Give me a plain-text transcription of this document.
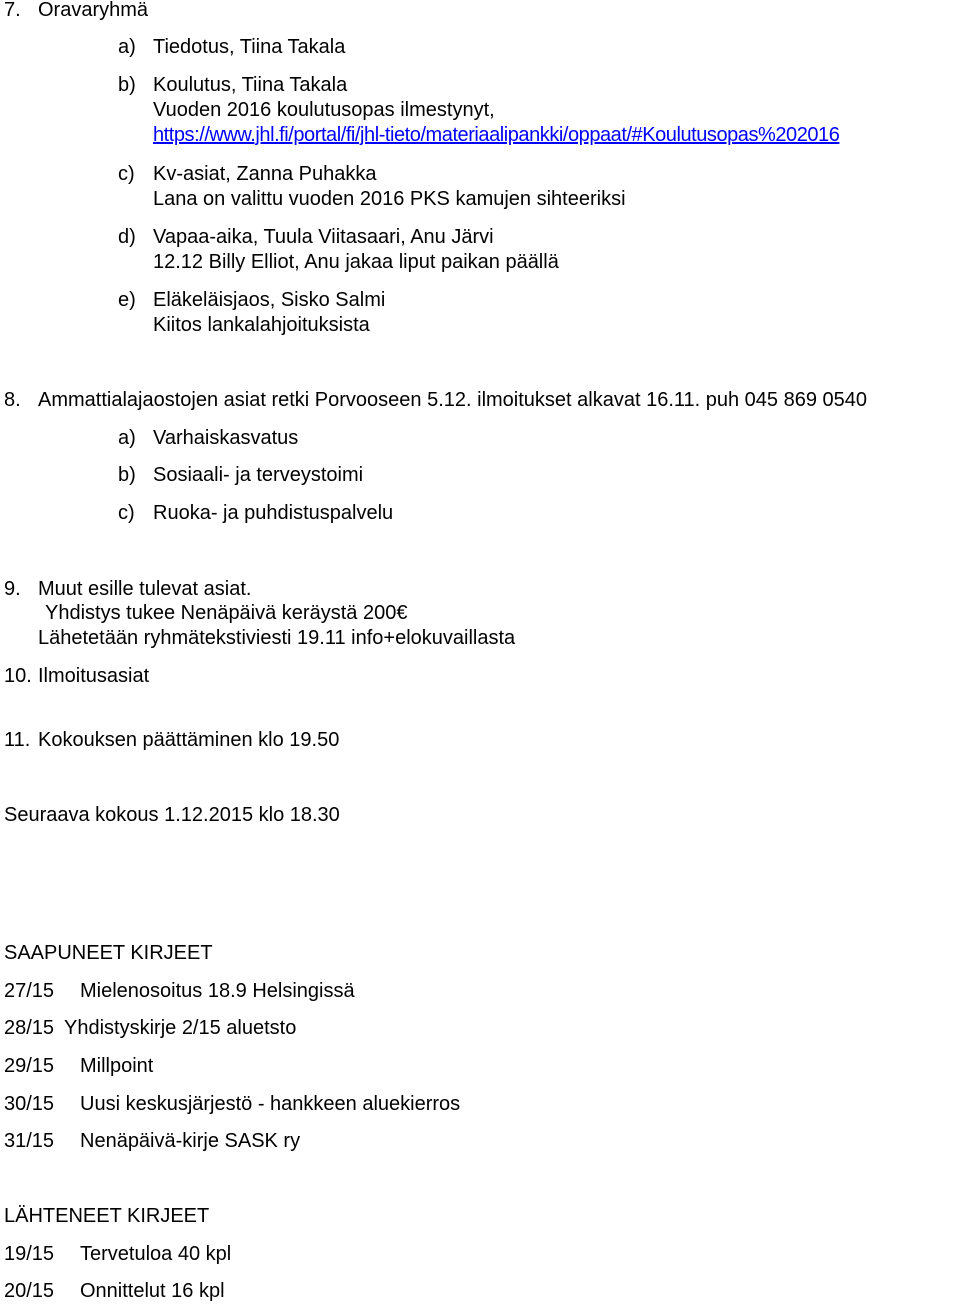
7. Oravaryhmä
a) Tiedotus, Tiina Takala
b) Koulutus, Tiina Takala
Vuoden 2016 koulutusopas ilmestynyt,
https://www.jhl.fi/portal/fi/jhl-tieto/materiaalipankki/oppaat/#Koulutusopas%202016
c) Kv-asiat, Zanna Puhakka
Lana on valittu vuoden 2016 PKS kamujen sihteeriksi
d) Vapaa-aika, Tuula Viitasaari, Anu Järvi
12.12 Billy Elliot, Anu jakaa liput paikan päällä
e) Eläkeläisjaos, Sisko Salmi
Kiitos lankalahjoituksista
8. Ammattialajaostojen asiat retki Porvooseen 5.12. ilmoitukset alkavat 16.11. puh 045 869 0540
a) Varhaiskasvatus
b) Sosiaali- ja terveystoimi
c) Ruoka- ja puhdistuspalvelu
9. Muut esille tulevat asiat.
Yhdistys tukee Nenäpäivä keräystä 200€
Lähetetään ryhmätekstiviesti 19.11 info+elokuvaillasta
10. Ilmoitusasiat
11. Kokouksen päättäminen klo 19.50
Seuraava kokous 1.12.2015 klo 18.30
SAAPUNEET KIRJEET
27/15 Mielenosoitus 18.9 Helsingissä
28/15 Yhdistyskirje 2/15 aluetsto
29/15 Millpoint
30/15 Uusi keskusjärjestö - hankkeen aluekierros
31/15 Nenäpäivä-kirje SASK ry
LÄHTENEET KIRJEET
19/15 Tervetuloa 40 kpl
20/15 Onnittelut 16 kpl
